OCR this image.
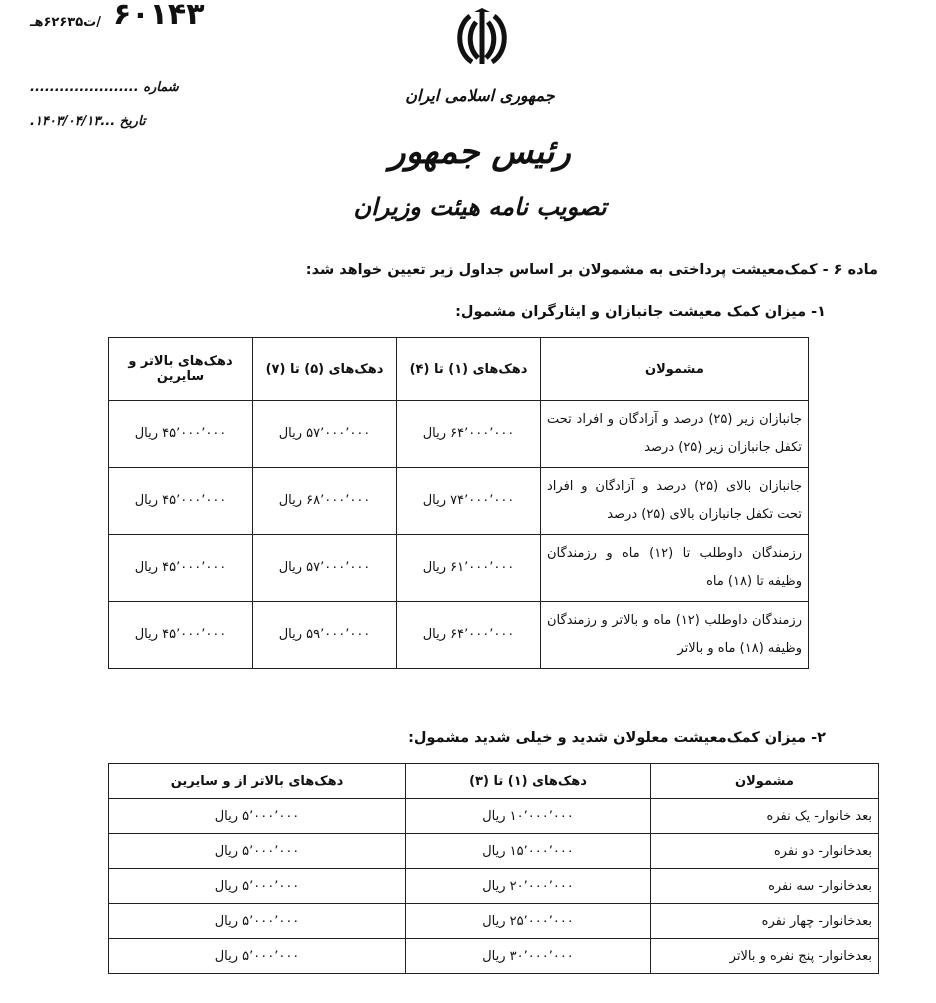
/ت۶۲۶۳۵هـ ۶۰۱۴۳
شماره ......................
تاریخ ...۱۴۰۳/۰۴/۱۳.
جمهوری اسلامی ایران
رئیس جمهور
تصویب نامه هیئت وزیران
ماده ۶ - کمک‌معیشت پرداختی به مشمولان بر اساس جداول زیر تعیین خواهد شد:
۱- میزان کمک معیشت جانبازان و ایثارگران مشمول:
مشمولان	دهک‌های (۱) تا (۴)	دهک‌های (۵) تا (۷)	دهک‌های بالاتر و سایرین
جانبازان زیر (۲۵) درصد و آزادگان و افراد تحت تکفل جانبازان زیر (۲۵) درصد	۶۴٬۰۰۰٬۰۰۰ ریال	۵۷٬۰۰۰٬۰۰۰ ریال	۴۵٬۰۰۰٬۰۰۰ ریال
جانبازان بالای (۲۵) درصد و آزادگان و افراد تحت تکفل جانبازان بالای (۲۵) درصد	۷۴٬۰۰۰٬۰۰۰ ریال	۶۸٬۰۰۰٬۰۰۰ ریال	۴۵٬۰۰۰٬۰۰۰ ریال
رزمندگان داوطلب تا (۱۲) ماه و رزمندگان وظیفه تا (۱۸) ماه	۶۱٬۰۰۰٬۰۰۰ ریال	۵۷٬۰۰۰٬۰۰۰ ریال	۴۵٬۰۰۰٬۰۰۰ ریال
رزمندگان داوطلب (۱۲) ماه و بالاتر و رزمندگان وظیفه (۱۸) ماه و بالاتر	۶۴٬۰۰۰٬۰۰۰ ریال	۵۹٬۰۰۰٬۰۰۰ ریال	۴۵٬۰۰۰٬۰۰۰ ریال
۲- میزان کمک‌معیشت معلولان شدید و خیلی شدید مشمول:
مشمولان	دهک‌های (۱) تا (۳)	دهک‌های بالاتر از و سایرین
بعد خانوار- یک نفره	۱۰٬۰۰۰٬۰۰۰ ریال	۵٬۰۰۰٬۰۰۰ ریال
بعدخانوار- دو نفره	۱۵٬۰۰۰٬۰۰۰ ریال	۵٬۰۰۰٬۰۰۰ ریال
بعدخانوار- سه نفره	۲۰٬۰۰۰٬۰۰۰ ریال	۵٬۰۰۰٬۰۰۰ ریال
بعدخانوار- چهار نفره	۲۵٬۰۰۰٬۰۰۰ ریال	۵٬۰۰۰٬۰۰۰ ریال
بعدخانوار- پنج نفره و بالاتر	۳۰٬۰۰۰٬۰۰۰ ریال	۵٬۰۰۰٬۰۰۰ ریال
